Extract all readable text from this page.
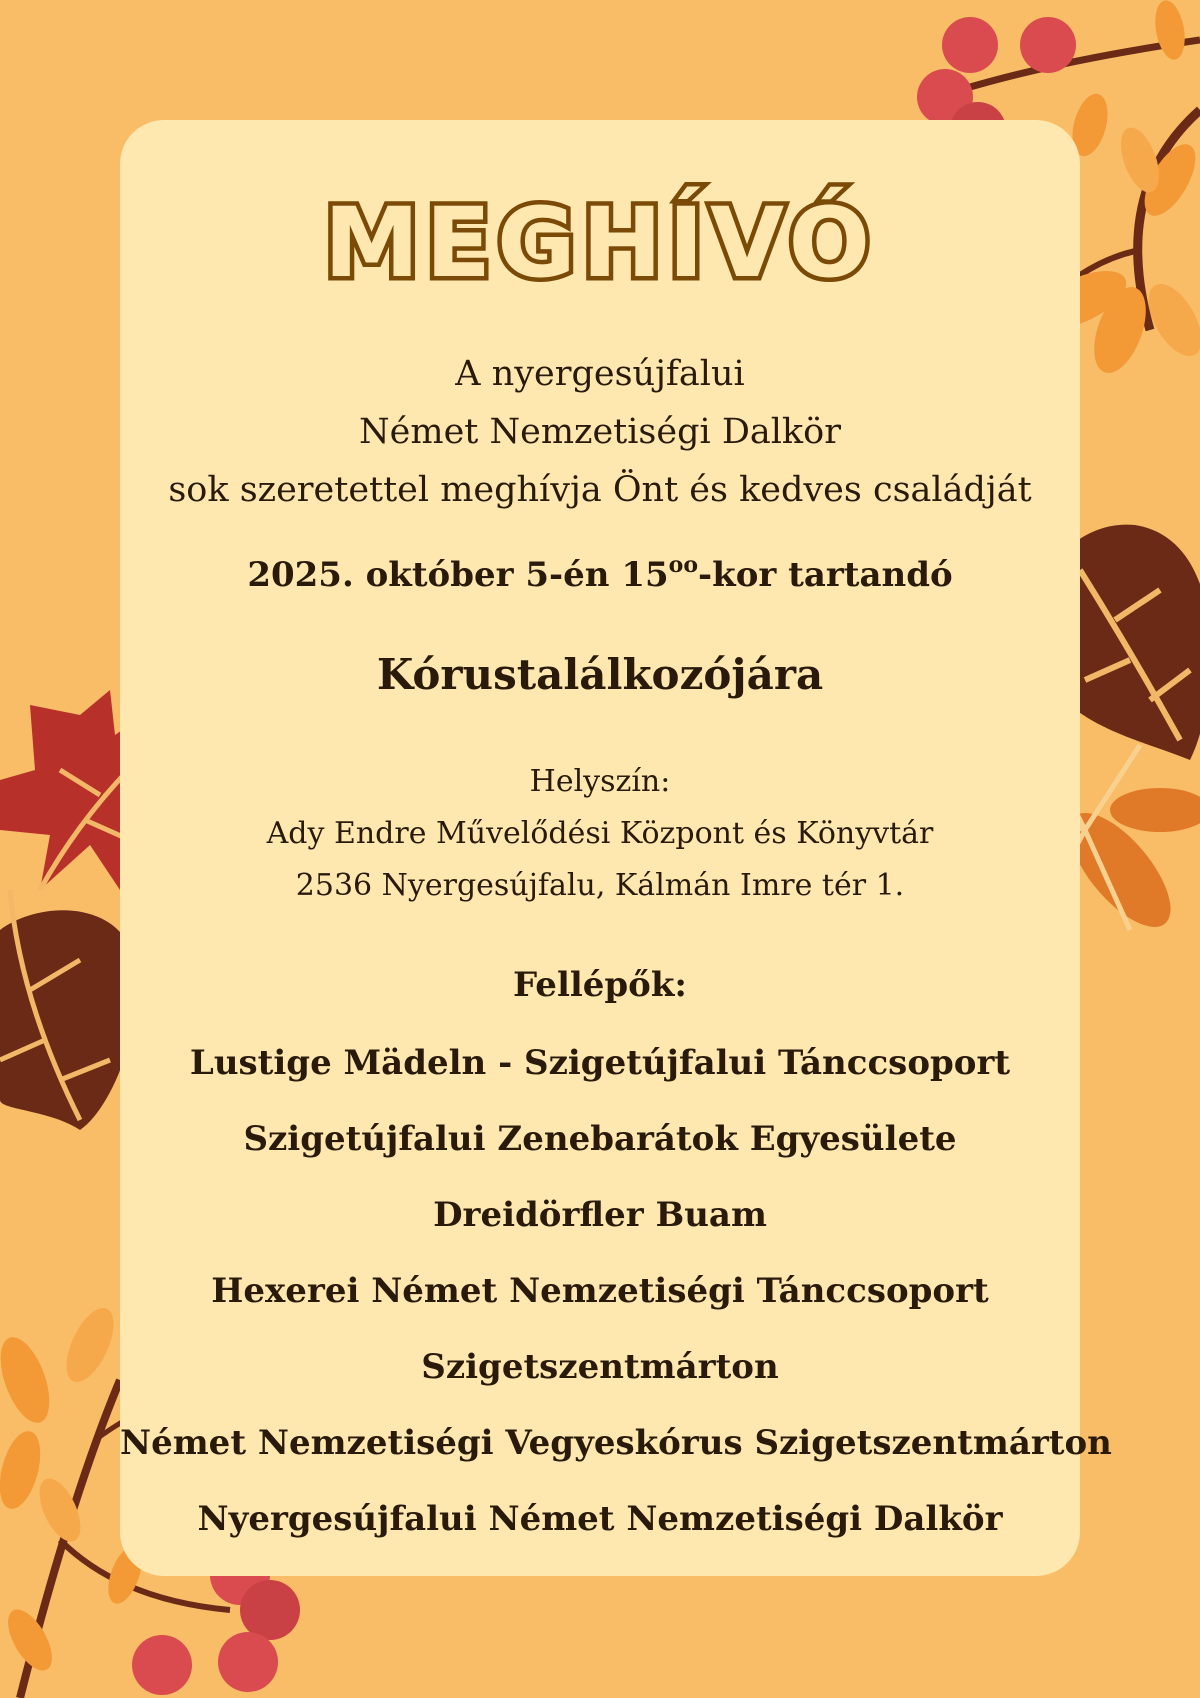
MEGHÍVÓ
A nyergesújfalui
Német Nemzetiségi Dalkör
sok szeretettel meghívja Önt és kedves családját
2025. október 5-én $15^{oo}$-kor tartandó
Kórustalálkozójára
Helyszín:
Ady Endre Művelődési Központ és Könyvtár
2536 Nyergesújfalu, Kálmán Imre tér 1.
Fellépők:
Lustige Mädeln - Szigetújfalui Tánccsoport
Szigetújfalui Zenebarátok Egyesülete
Dreidörfler Buam
Hexerei Német Nemzetiségi Tánccsoport
Szigetszentmárton
Német Nemzetiségi Vegyeskórus Szigetszentmárton
Nyergesújfalui Német Nemzetiségi Dalkör
